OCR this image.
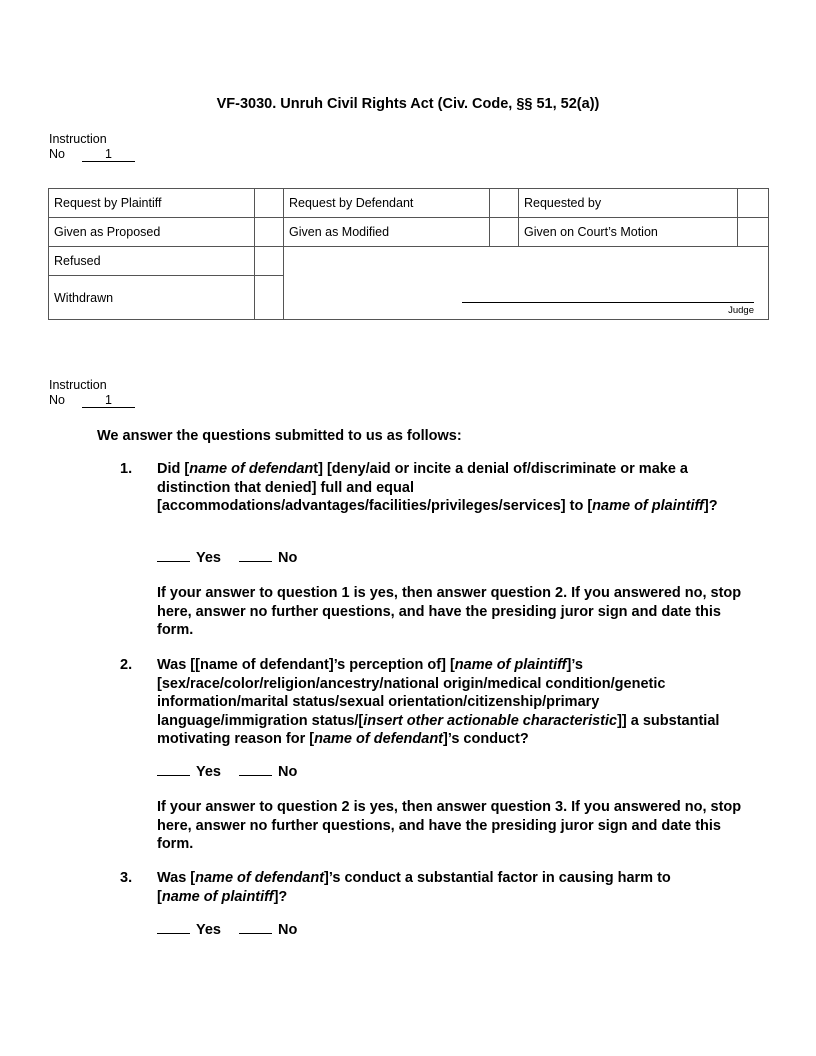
VF-3030. Unruh Civil Rights Act (Civ. Code, §§ 51, 52(a))
Instruction
No	1
Request by Plaintiff		Request by Defendant		Requested by	
Given as Proposed		Given as Modified		Given on Court’s Motion	
Refused		Judge			

Withdrawn					
Instruction
No	1
We answer the questions submitted to us as follows:
1. Did [name of defendant] [deny/aid or incite a denial of/discriminate or make a distinction that denied] full and equal [accommodations/advantages/facilities/privileges/services] to [name of plaintiff]?
Yes	No
If your answer to question 1 is yes, then answer question 2. If you answered no, stop here, answer no further questions, and have the presiding juror sign and date this form.
2. Was [[name of defendant]’s perception of] [name of plaintiff]’s [sex/race/color/religion/ancestry/national origin/medical condition/genetic information/marital status/sexual orientation/citizenship/primary language/immigration status/[insert other actionable characteristic]] a substantial motivating reason for [name of defendant]’s conduct?
Yes	No
If your answer to question 2 is yes, then answer question 3. If you answered no, stop here, answer no further questions, and have the presiding juror sign and date this form.
3. Was [name of defendant]’s conduct a substantial factor in causing harm to [name of plaintiff]?
Yes	No
